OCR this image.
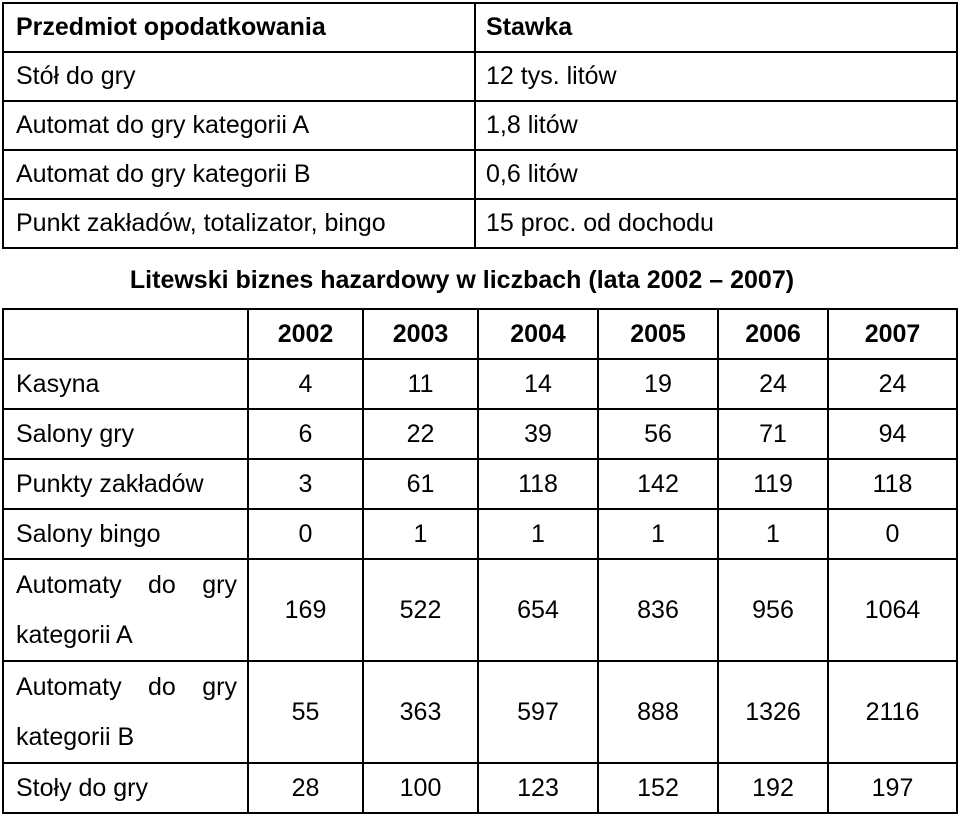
Przedmiot opodatkowania	Stawka
Stół do gry	12 tys. litów
Automat do gry kategorii A	1,8 litów
Automat do gry kategorii B	0,6 litów
Punkt zakładów, totalizator, bingo	15 proc. od dochodu
Litewski biznes hazardowy w liczbach (lata 2002 – 2007)
	2002	2003	2004	2005	2006	2007
Kasyna	4	11	14	19	24	24
Salony gry	6	22	39	56	71	94
Punkty zakładów	3	61	118	142	119	118
Salony bingo	0	1	1	1	1	0

Automaty do gry kategorii A	169	522	654	836	956	1064

Automaty do gry kategorii B	55	363	597	888	1326	2116
Stoły do gry	28	100	123	152	192	197
